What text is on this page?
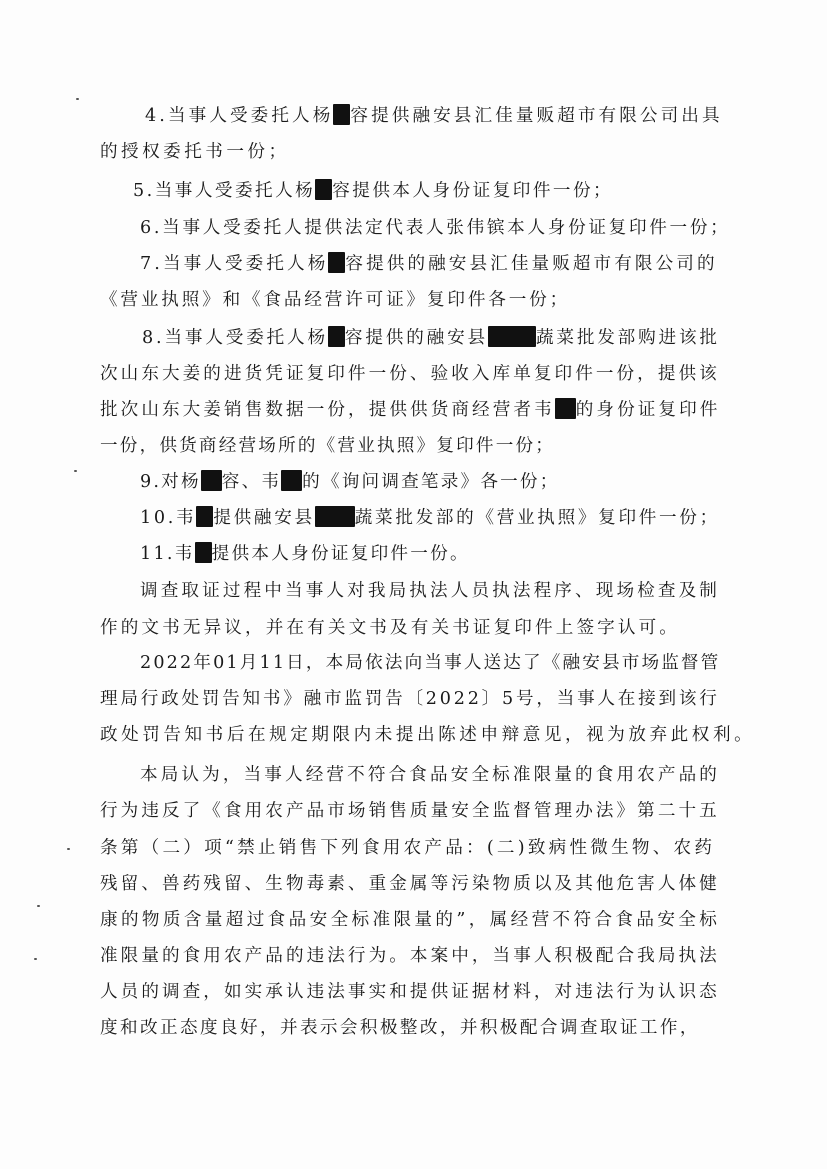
4.当事人受委托人杨 容提供融安县汇佳量贩超市有限公司出具
的授权委托书一份；
5.当事人受委托人杨 容提供本人身份证复印件一份；
6.当事人受委托人提供法定代表人张伟镔本人身份证复印件一份；
7.当事人受委托人杨 容提供的融安县汇佳量贩超市有限公司的
《营业执照》和《食品经营许可证》复印件各一份；
8.当事人受委托人杨 容提供的融安县	蔬菜批发部购进该批
次山东大姜的进货凭证复印件一份、验收入库单复印件一份，提供该
批次山东大姜销售数据一份，提供供货商经营者韦 的身份证复印件
一份，供货商经营场所的《营业执照》复印件一份；
9.对杨 容、韦 的《询问调查笔录》各一份；
10.韦 提供融安县 蔬菜批发部的《营业执照》复印件一份；
11.韦 提供本人身份证复印件一份。
调查取证过程中当事人对我局执法人员执法程序、现场检查及制
作的文书无异议，并在有关文书及有关书证复印件上签字认可。
2022年01月11日，本局依法向当事人送达了《融安县市场监督管
理局行政处罚告知书》融市监罚告〔2022〕5号，当事人在接到该行
政处罚告知书后在规定期限内未提出陈述申辩意见，视为放弃此权利。
本局认为，当事人经营不符合食品安全标准限量的食用农产品的
行为违反了《食用农产品市场销售质量安全监督管理办法》第二十五
条第（二）项“禁止销售下列食用农产品：(二)致病性微生物、农药
残留、兽药残留、生物毒素、重金属等污染物质以及其他危害人体健
康的物质含量超过食品安全标准限量的”，属经营不符合食品安全标
准限量的食用农产品的违法行为。本案中，当事人积极配合我局执法
人员的调查，如实承认违法事实和提供证据材料，对违法行为认识态
度和改正态度良好，并表示会积极整改，并积极配合调查取证工作，
